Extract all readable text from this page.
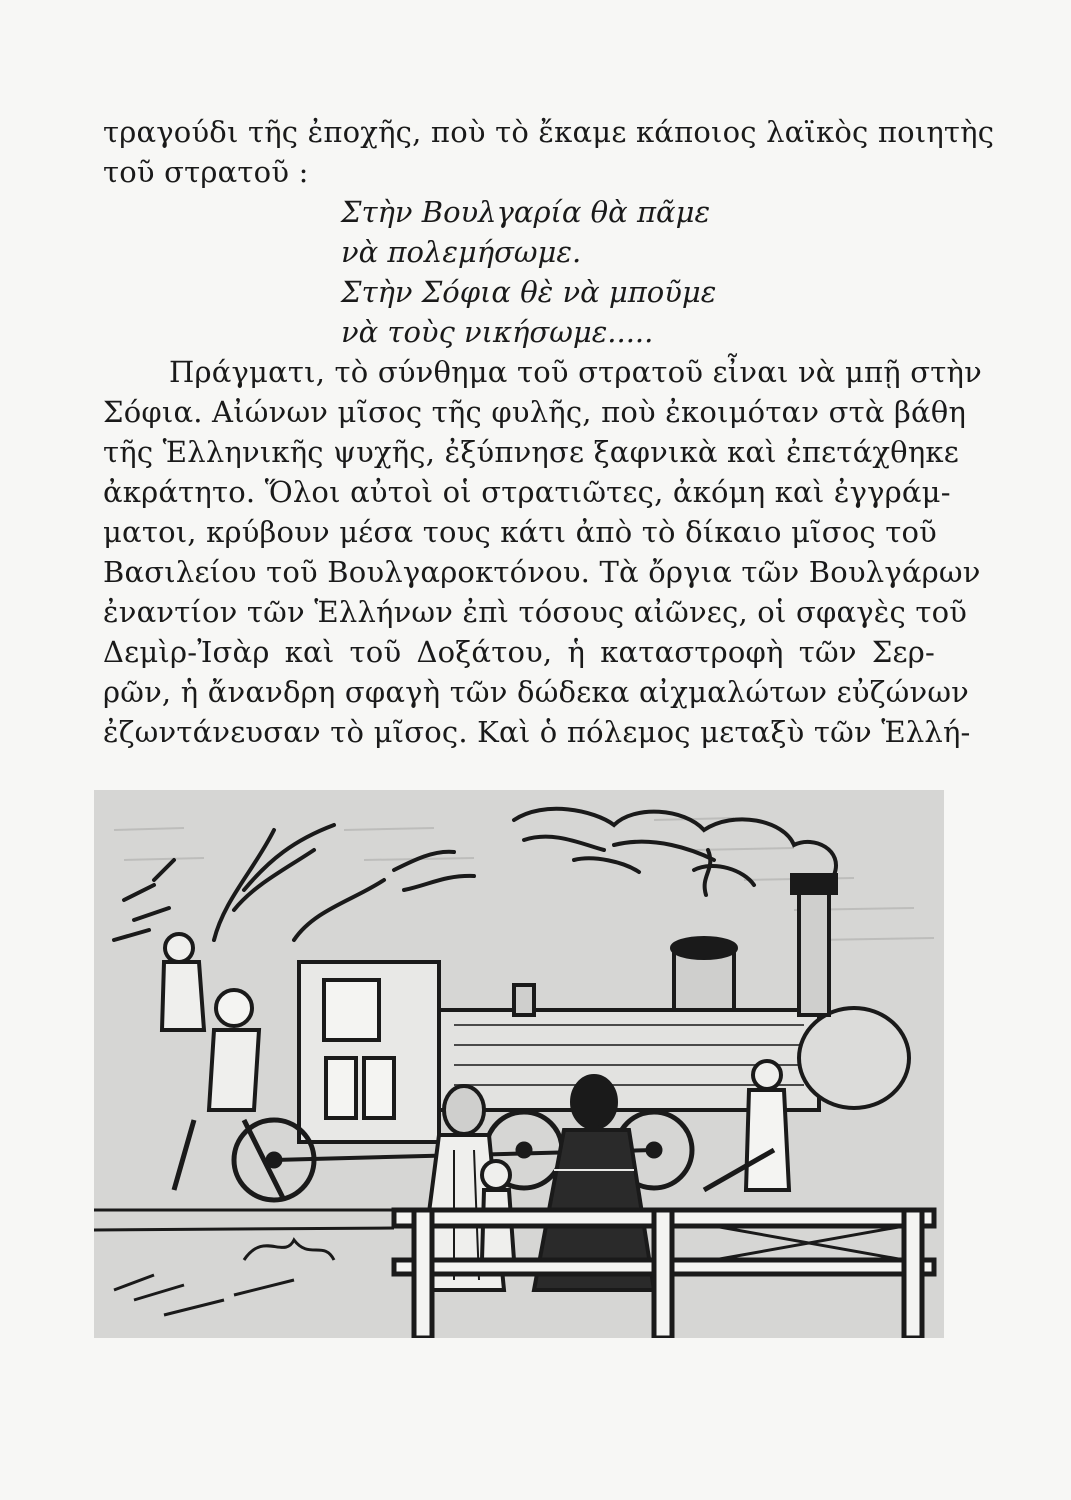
τραγούδι τῆς ἐποχῆς, ποὺ τὸ ἔκαμε κάποιος λαϊκὸς ποιητὴς
τοῦ στρατοῦ :
Στὴν Βουλγαρία θὰ πᾶμε
νὰ πολεμήσωμε.
Στὴν Σόφια θὲ νὰ μποῦμε
νὰ τοὺς νικήσωμε.....
Πράγματι, τὸ σύνθημα τοῦ στρατοῦ εἶναι νὰ μπῇ στὴν
Σόφια. Αἰώνων μῖσος τῆς φυλῆς, ποὺ ἐκοιμόταν στὰ βάθη
τῆς Ἑλληνικῆς ψυχῆς, ἐξύπνησε ξαφνικὰ καὶ ἐπετάχθηκε
ἀκράτητο. Ὅλοι αὐτοὶ οἱ στρατιῶτες, ἀκόμη καὶ ἐγγράμ-
ματοι, κρύβουν μέσα τους κάτι ἀπὸ τὸ δίκαιο μῖσος τοῦ
Βασιλείου τοῦ Βουλγαροκτόνου. Τὰ ὄργια τῶν Βουλγάρων
ἐναντίον τῶν Ἑλλήνων ἐπὶ τόσους αἰῶνες, οἱ σφαγὲς τοῦ
Δεμὶρ-Ἰσὰρ καὶ τοῦ Δοξάτου, ἡ καταστροφὴ τῶν Σερ-
ρῶν, ἡ ἄνανδρη σφαγὴ τῶν δώδεκα αἰχμαλώτων εὐζώνων
ἐζωντάνευσαν τὸ μῖσος. Καὶ ὁ πόλεμος μεταξὺ τῶν Ἑλλή-
